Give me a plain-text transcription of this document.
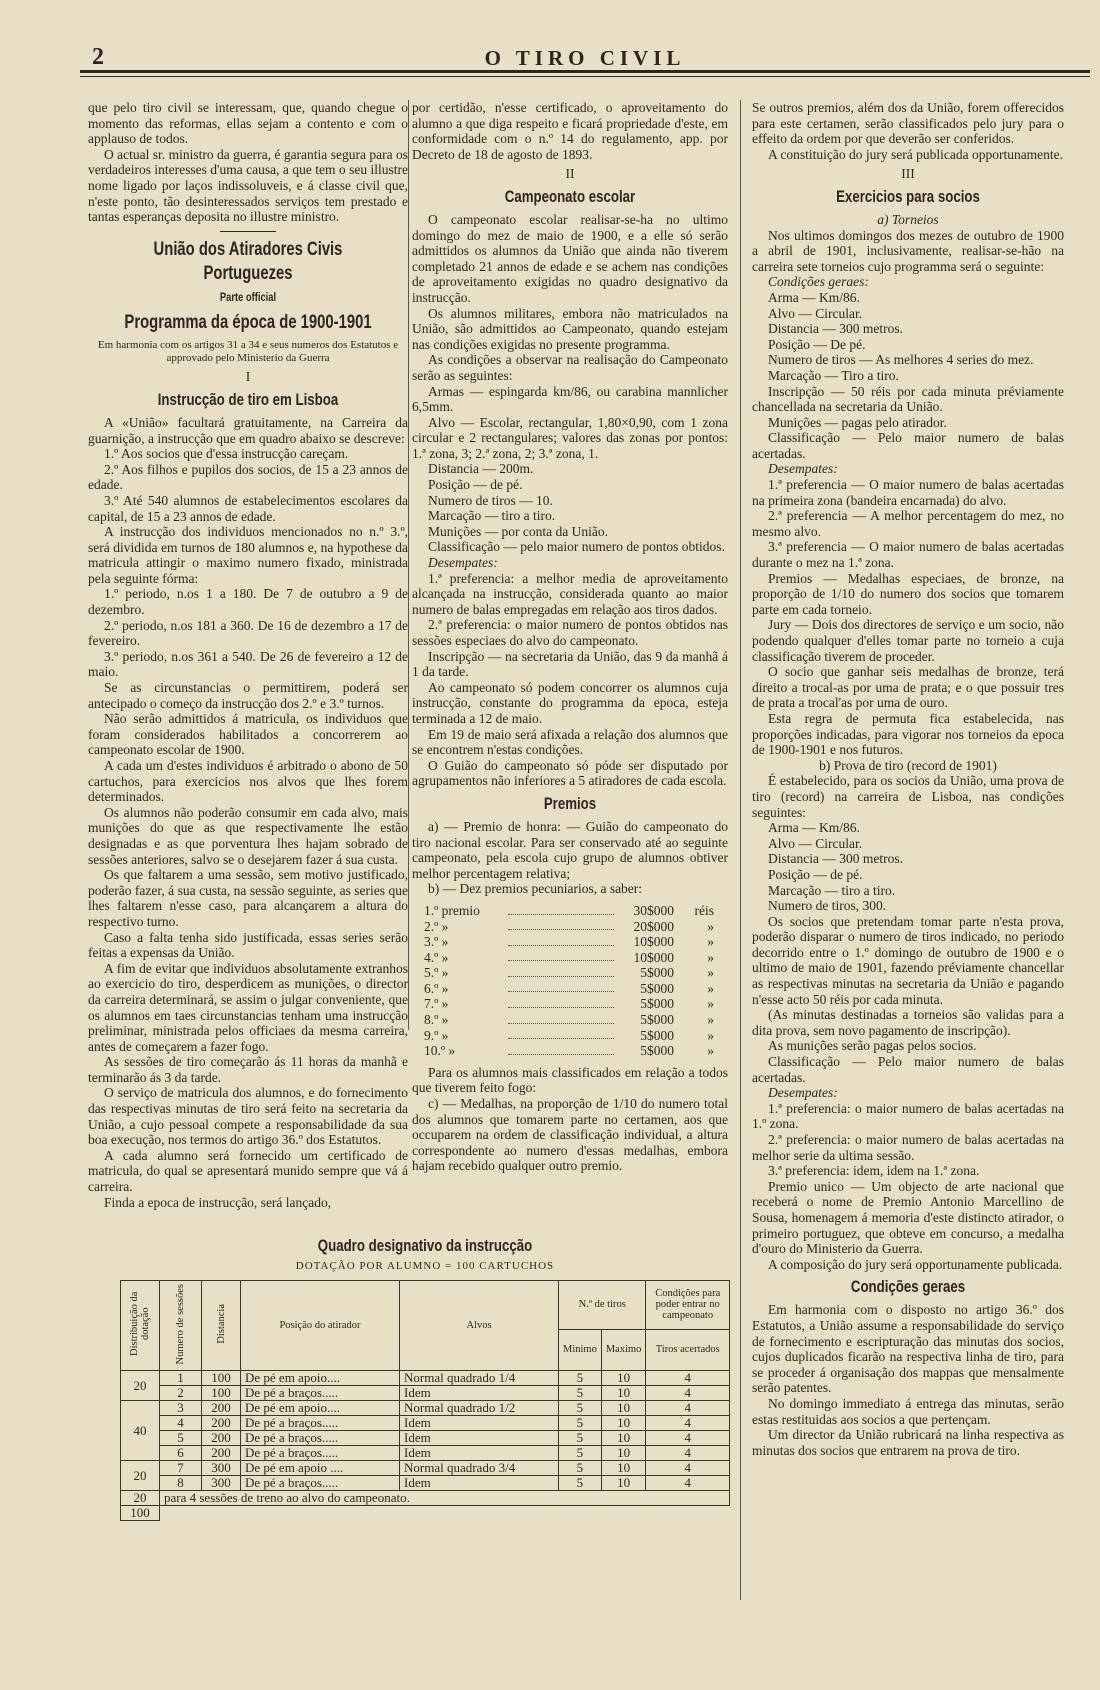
2	O TIRO CIVIL

que pelo tiro civil se interessam, que, quando chegue o momento das reformas, ellas sejam a contento e com o applauso de todos.

O actual sr. ministro da guerra, é garantia segura para os verdadeiros interesses d'uma causa, a que tem o seu illustre nome ligado por laços indissoluveis, e á classe civil que, n'este ponto, tão desinteressados serviços tem prestado e tantas esperanças deposita no illustre ministro.

União dos Atiradores Civis Portuguezes
Parte official
Programma da época de 1900-1901

Em harmonia com os artigos 31 a 34 e seus numeros dos Estatutos e approvado pelo Ministerio da Guerra

I

Instrucção de tiro em Lisboa

A «União» facultará gratuitamente, na Carreira da guarnição, a instrucção que em quadro abaixo se descreve:

1.º Aos socios que d'essa instrucção careçam.

2.º Aos filhos e pupilos dos socios, de 15 a 23 annos de edade.

3.º Até 540 alumnos de estabelecimentos escolares da capital, de 15 a 23 annos de edade.

A instrucção dos individuos mencionados no n.º 3.º, será dividida em turnos de 180 alumnos e, na hypothese da matricula attingir o maximo numero fixado, ministrada pela seguinte fórma:

1.º periodo, n.os 1 a 180. De 7 de outubro a 9 de dezembro.

2.º periodo, n.os 181 a 360. De 16 de dezembro a 17 de fevereiro.

3.º periodo, n.os 361 a 540. De 26 de fevereiro a 12 de maio.

Se as circunstancias o permittirem, poderá ser antecipado o começo da instrucção dos 2.º e 3.º turnos.

Não serão admittidos á matricula, os individuos que foram considerados habilitados a concorrerem ao campeonato escolar de 1900.

A cada um d'estes individuos é arbitrado o abono de 50 cartuchos, para exercicios nos alvos que lhes forem determinados.

Os alumnos não poderão consumir em cada alvo, mais munições do que as que respectivamente lhe estão designadas e as que porventura lhes hajam sobrado de sessões anteriores, salvo se o desejarem fazer á sua custa.

Os que faltarem a uma sessão, sem motivo justificado, poderão fazer, á sua custa, na sessão seguinte, as series que lhes faltarem n'esse caso, para alcançarem a altura do respectivo turno.

Caso a falta tenha sido justificada, essas series serão feitas a expensas da União.

A fim de evitar que individuos absolutamente extranhos ao exercicio do tiro, desperdicem as munições, o director da carreira determinará, se assim o julgar conveniente, que os alumnos em taes circunstancias tenham uma instrucção preliminar, ministrada pelos officiaes da mesma carreira, antes de começarem a fazer fogo.

As sessões de tiro começarão ás 11 horas da manhã e terminarão ás 3 da tarde.

O serviço de matricula dos alumnos, e do fornecimento das respectivas minutas de tiro será feito na secretaria da União, a cujo pessoal compete a responsabilidade da sua boa execução, nos termos do artigo 36.º dos Estatutos.

A cada alumno será fornecido um certificado de matricula, do qual se apresentará munido sempre que vá á carreira.

Finda a epoca de instrucção, será lançado,

por certidão, n'esse certificado, o aproveitamento do alumno a que diga respeito e ficará propriedade d'este, em conformidade com o n.º 14 do regulamento, app. por Decreto de 18 de agosto de 1893.

II

Campeonato escolar

O campeonato escolar realisar-se-ha no ultimo domingo do mez de maio de 1900, e a elle só serão admittidos os alumnos da União que ainda não tiverem completado 21 annos de edade e se achem nas condições de aproveitamento exigidas no quadro designativo da instrucção.

Os alumnos militares, embora não matriculados na União, são admittidos ao Campeonato, quando estejam nas condições exigidas no presente programma.

As condições a observar na realisação do Campeonato serão as seguintes:

Armas — espingarda km/86, ou carabina mannlicher 6,5mm.

Alvo — Escolar, rectangular, 1,80×0,90, com 1 zona circular e 2 rectangulares; valores das zonas por pontos: 1.ª zona, 3; 2.ª zona, 2; 3.ª zona, 1.

Distancia — 200m.

Posição — de pé.

Numero de tiros — 10.

Marcação — tiro a tiro.

Munições — por conta da União.

Classificação — pelo maior numero de pontos obtidos.

Desempates:

1.ª preferencia: a melhor media de aproveitamento alcançada na instrucção, considerada quanto ao maior numero de balas empregadas em relação aos tiros dados.

2.ª preferencia: o maior numero de pontos obtidos nas sessões especiaes do alvo do campeonato.

Inscripção — na secretaria da União, das 9 da manhã á 1 da tarde.

Ao campeonato só podem concorrer os alumnos cuja instrucção, constante do programma da epoca, esteja terminada a 12 de maio.

Em 19 de maio será afixada a relação dos alumnos que se encontrem n'estas condições.

O Guião do campeonato só póde ser disputado por agrupamentos não inferiores a 5 atiradores de cada escola.

Premios

a) — Premio de honra: — Guião do campeonato do tiro nacional escolar. Para ser conservado até ao seguinte campeonato, pela escola cujo grupo de alumnos obtiver melhor percentagem relativa;

b) — Dez premios pecuniarios, a saber:

1.º premio	30$000	réis
2.º »	20$000	»
3.º »	10$000	»
4.º »	10$000	»
5.º »	5$000	»
6.º »	5$000	»
7.º »	5$000	»
8.º »	5$000	»
9.º »	5$000	»
10.º »	5$000	»

Para os alumnos mais classificados em relação a todos que tiverem feito fogo:

c) — Medalhas, na proporção de 1/10 do numero total dos alumnos que tomarem parte no certamen, aos que occuparem na ordem de classificação individual, a altura correspondente ao numero d'essas medalhas, embora hajam recebido qualquer outro premio.

Se outros premios, além dos da União, forem offerecidos para este certamen, serão classificados pelo jury para o effeito da ordem por que deverão ser conferidos.

A constituição do jury será publicada opportunamente.

III

Exercicios para socios

a) Torneios

Nos ultimos domingos dos mezes de outubro de 1900 a abril de 1901, inclusivamente, realisar-se-hão na carreira sete torneios cujo programma será o seguinte:

Condições geraes:

Arma — Km/86.

Alvo — Circular.

Distancia — 300 metros.

Posição — De pé.

Numero de tiros — As melhores 4 series do mez.

Marcação — Tiro a tiro.

Inscripção — 50 réis por cada minuta préviamente chancellada na secretaria da União.

Munições — pagas pelo atirador.

Classificação — Pelo maior numero de balas acertadas.

Desempates:

1.ª preferencia — O maior numero de balas acertadas na primeira zona (bandeira encarnada) do alvo.

2.ª preferencia — A melhor percentagem do mez, no mesmo alvo.

3.ª preferencia — O maior numero de balas acertadas durante o mez na 1.ª zona.

Premios — Medalhas especiaes, de bronze, na proporção de 1/10 do numero dos socios que tomarem parte em cada torneio.

Jury — Dois dos directores de serviço e um socio, não podendo qualquer d'elles tomar parte no torneio a cuja classificação tiverem de proceder.

O socio que ganhar seis medalhas de bronze, terá direito a trocal-as por uma de prata; e o que possuir tres de prata a trocal'as por uma de ouro.

Esta regra de permuta fica estabelecida, nas proporções indicadas, para vigorar nos torneios da epoca de 1900-1901 e nos futuros.

b) Prova de tiro (record de 1901)

É estabelecido, para os socios da União, uma prova de tiro (record) na carreira de Lisboa, nas condições seguintes:

Arma — Km/86.

Alvo — Circular.

Distancia — 300 metros.

Posição — de pé.

Marcação — tiro a tiro.

Numero de tiros, 300.

Os socios que pretendam tomar parte n'esta prova, poderão disparar o numero de tiros indicado, no periodo decorrido entre o 1.º domingo de outubro de 1900 e o ultimo de maio de 1901, fazendo préviamente chancellar as respectivas minutas na secretaria da União e pagando n'esse acto 50 réis por cada minuta.

(As minutas destinadas a torneios são validas para a dita prova, sem novo pagamento de inscripção).

As munições serão pagas pelos socios.

Classificação — Pelo maior numero de balas acertadas.

Desempates:

1.ª preferencia: o maior numero de balas acertadas na 1.º zona.

2.ª preferencia: o maior numero de balas acertadas na melhor serie da ultima sessão.

3.ª preferencia: idem, idem na 1.ª zona.

Premio unico — Um objecto de arte nacional que receberá o nome de Premio Antonio Marcellino de Sousa, homenagem á memoria d'este distincto atirador, o primeiro portuguez, que obteve em concurso, a medalha d'ouro do Ministerio da Guerra.

A composição do jury será opportunamente publicada.

Condições geraes

Em harmonia com o disposto no artigo 36.º dos Estatutos, a União assume a responsabilidade do serviço de fornecimento e escripturação das minutas dos socios, cujos duplicados ficarão na respectiva linha de tiro, para se proceder á organisação dos mappas que mensalmente serão patentes.

No domingo immediato á entrega das minutas, serão estas restituidas aos socios a que pertençam.

Um director da União rubricará na linha respectiva as minutas dos socios que entrarem na prova de tiro.

Quadro designativo da instrucção
DOTAÇÃO POR ALUMNO = 100 CARTUCHOS
Distribuição da dotação	Numero de sessões	Distancia	Posição do atirador	Alvos	N.º de tiros		Condições para poder entrar no campeonato
					Minimo	Maximo	Tiros acertados
20	1	100	De pé em apoio....	Normal quadrado 1/4	5	10	4
	2	100	De pé a braços.....	Idem	5	10	4
40	3	200	De pé em apoio....	Normal quadrado 1/2	5	10	4
	4	200	De pé a braços.....	Idem	5	10	4
	5	200	De pé a braços.....	Idem	5	10	4
	6	200	De pé a braços.....	Idem	5	10	4
20	7	300	De pé em apoio ....	Normal quadrado 3/4	5	10	4
	8	300	De pé a braços.....	Idem	5	10	4
20	para 4 sessões de treno ao alvo do campeonato.						
100							
